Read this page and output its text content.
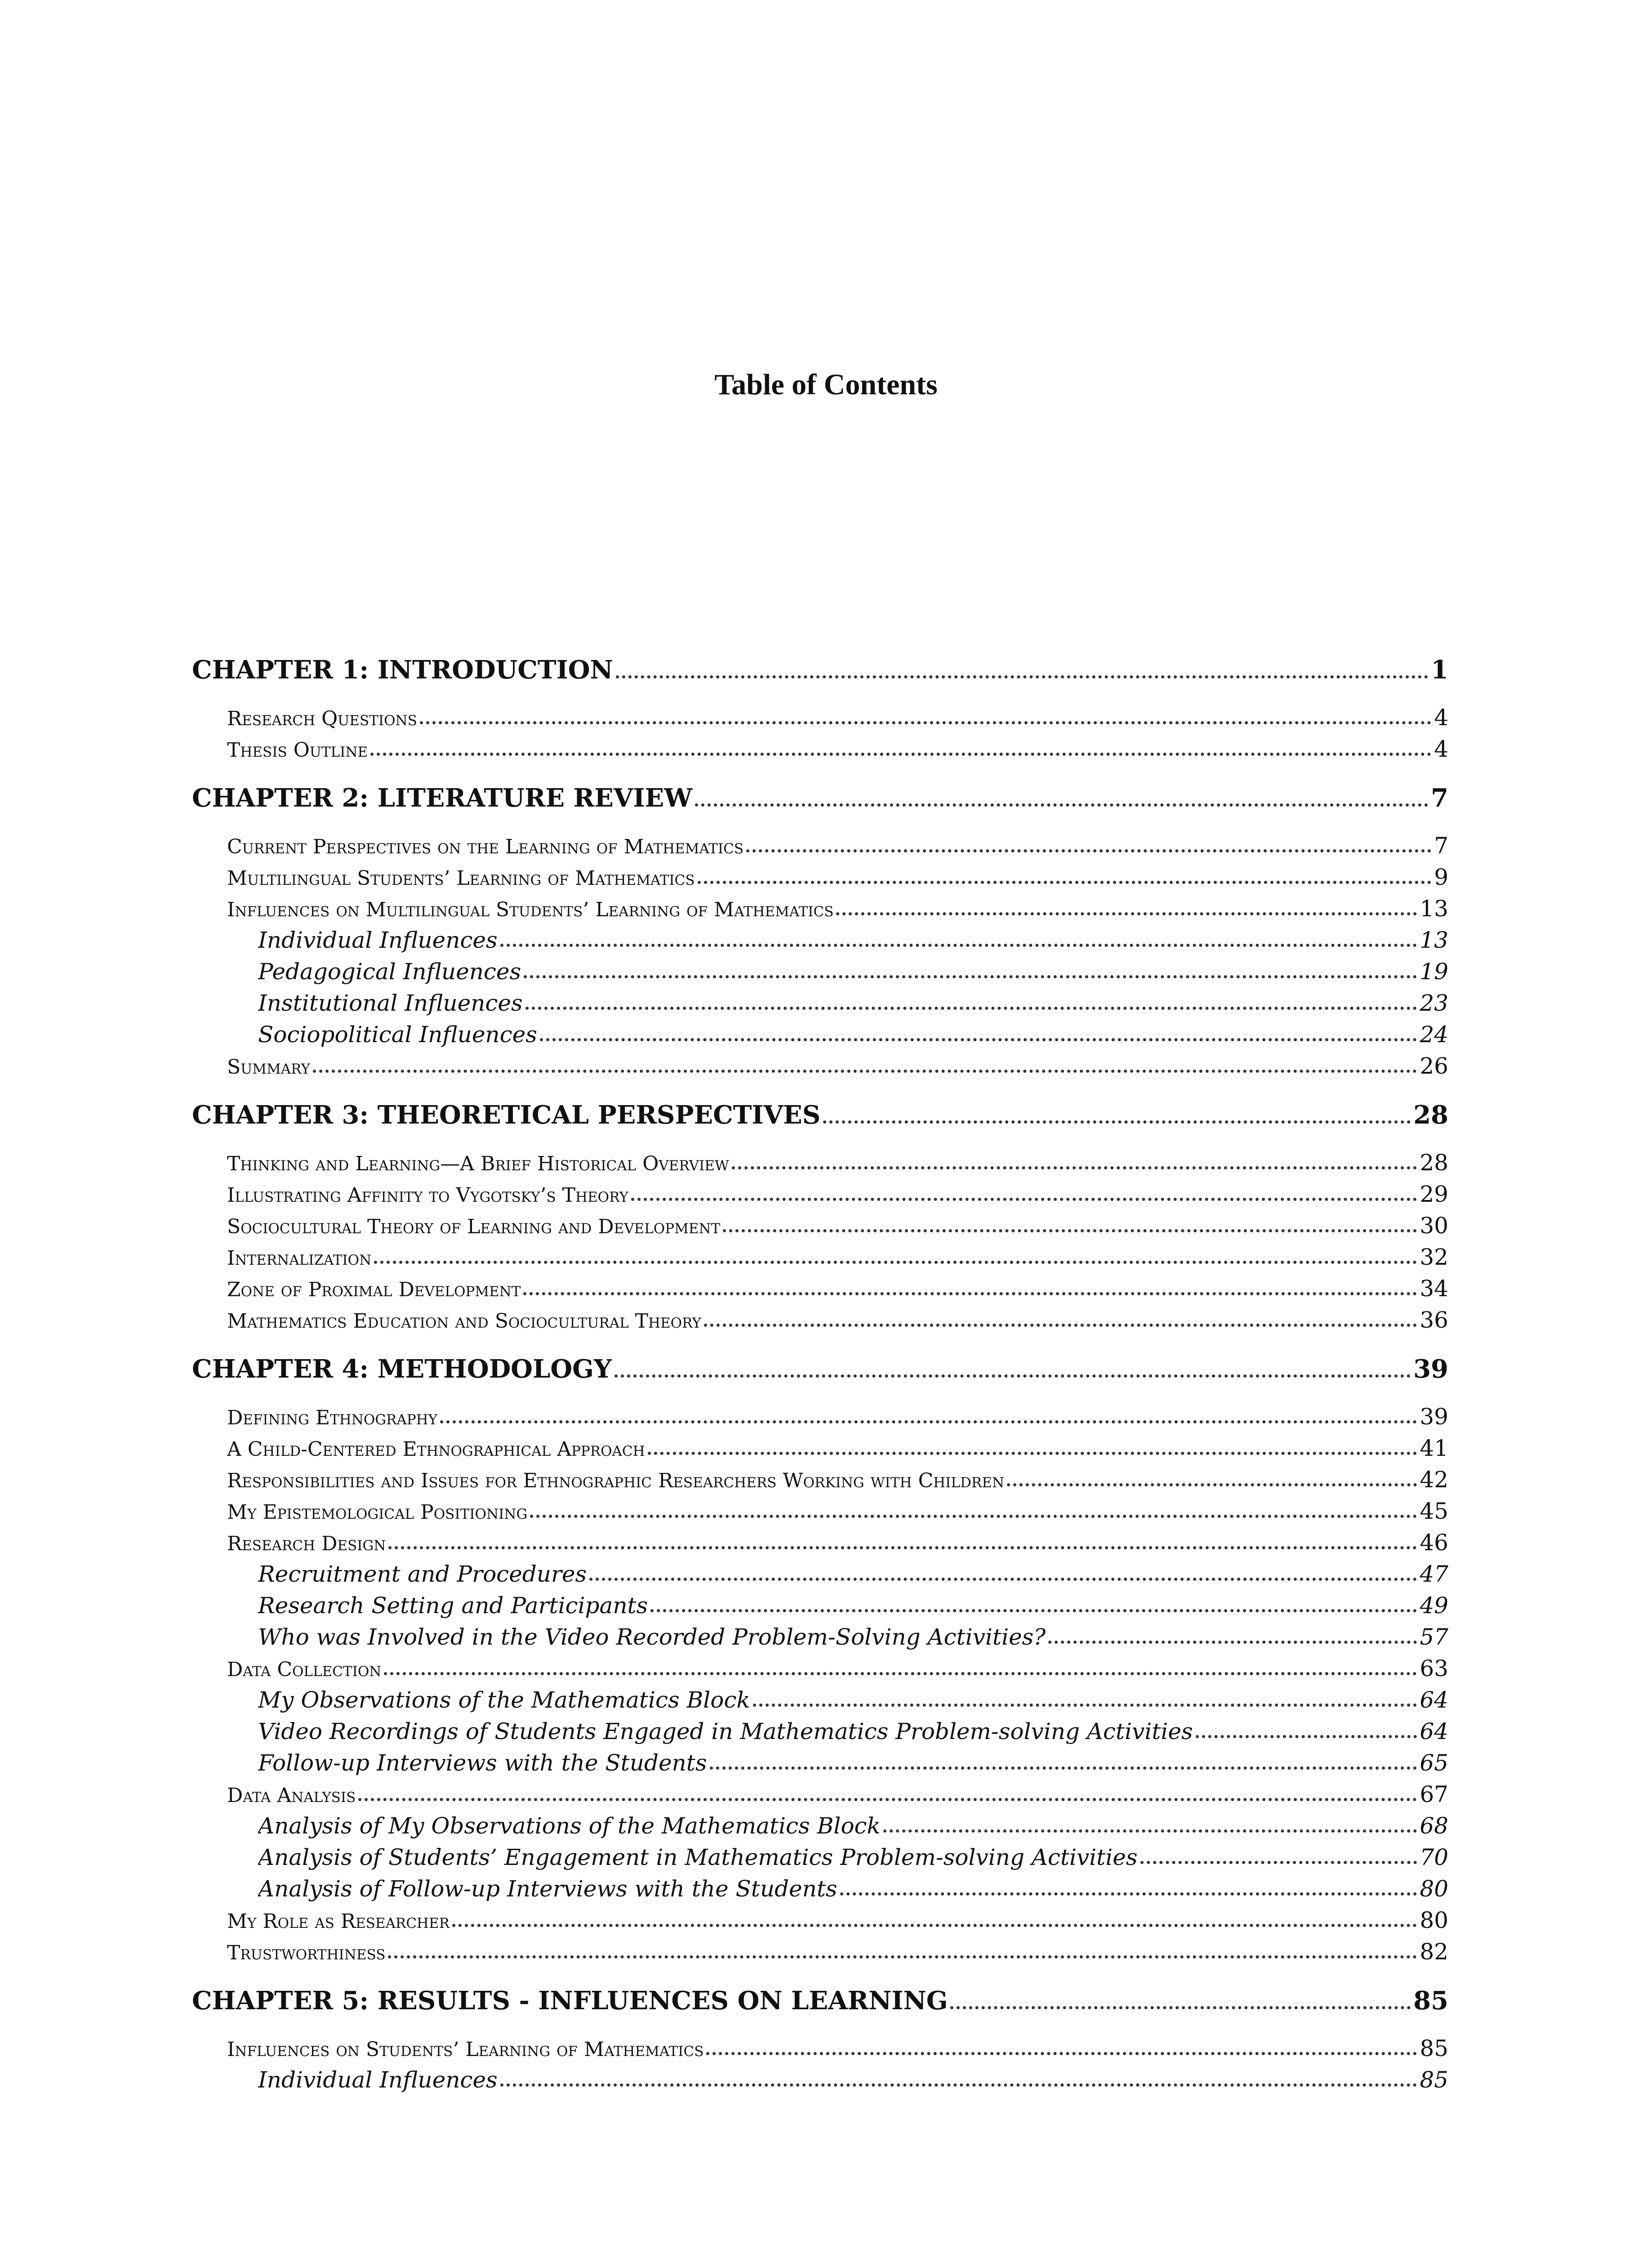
Table of Contents
CHAPTER 1: INTRODUCTION	1
Research Questions	4
Thesis Outline	4
CHAPTER 2: LITERATURE REVIEW	7
Current Perspectives on the Learning of Mathematics	7
Multilingual Students’ Learning of Mathematics	9
Influences on Multilingual Students’ Learning of Mathematics	13
Individual Influences	13
Pedagogical Influences	19
Institutional Influences	23
Sociopolitical Influences	24
Summary	26
CHAPTER 3: THEORETICAL PERSPECTIVES	28
Thinking and Learning—A Brief Historical Overview	28
Illustrating Affinity to Vygotsky’s Theory	29
Sociocultural Theory of Learning and Development	30
Internalization	32
Zone of Proximal Development	34
Mathematics Education and Sociocultural Theory	36
CHAPTER 4: METHODOLOGY	39
Defining Ethnography	39
A Child-Centered Ethnographical Approach	41
Responsibilities and Issues for Ethnographic Researchers Working with Children	42
My Epistemological Positioning	45
Research Design	46
Recruitment and Procedures	47
Research Setting and Participants	49
Who was Involved in the Video Recorded Problem-Solving Activities?	57
Data Collection	63
My Observations of the Mathematics Block	64
Video Recordings of Students Engaged in Mathematics Problem-solving Activities	64
Follow-up Interviews with the Students	65
Data Analysis	67
Analysis of My Observations of the Mathematics Block	68
Analysis of Students’ Engagement in Mathematics Problem-solving Activities	70
Analysis of Follow-up Interviews with the Students	80
My Role as Researcher	80
Trustworthiness	82
CHAPTER 5: RESULTS - INFLUENCES ON LEARNING	85
Influences on Students’ Learning of Mathematics	85
Individual Influences	85
